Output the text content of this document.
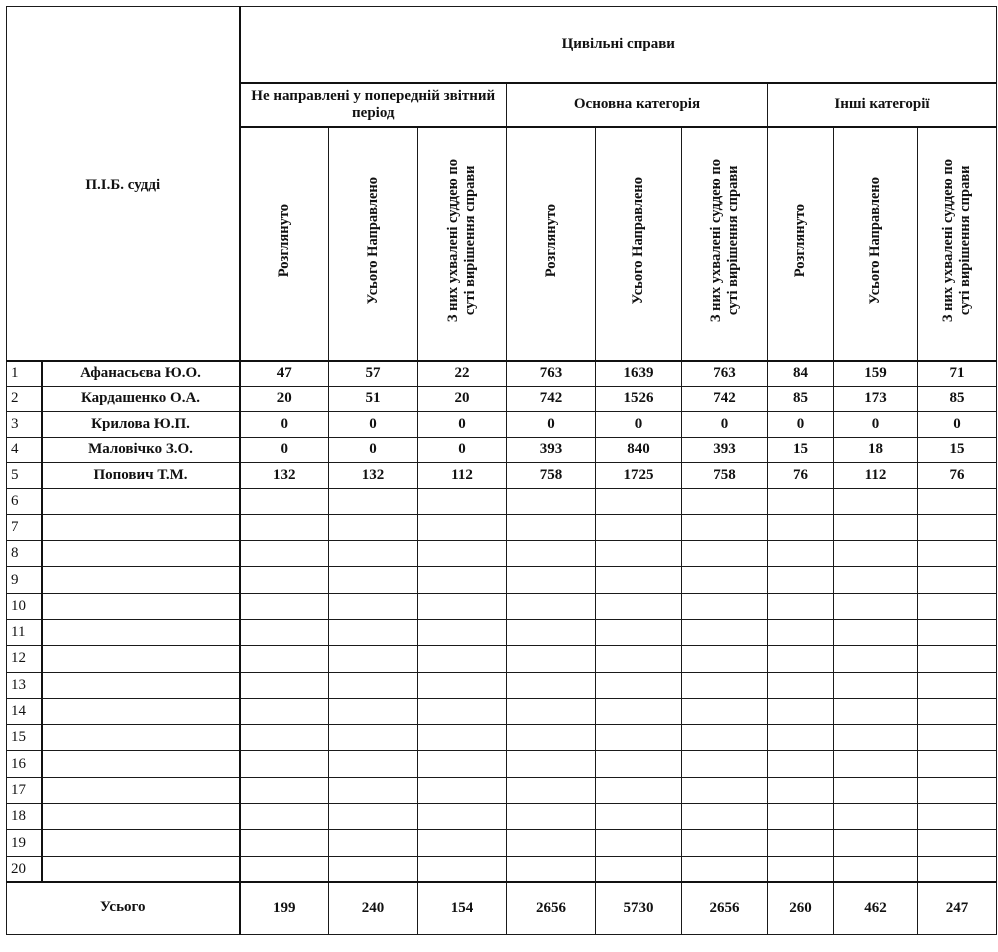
П.І.Б. судді		Цивільні справи								
		Не направлені у попередній звітний період			Основна категорія			Інші категорії		
		Розглянуто	Усього Направлено	З них ухвалені суддею по
суті вирішення справи	Розглянуто	Усього Направлено	З них ухвалені суддею по
суті вирішення справи	Розглянуто	Усього Направлено	З них ухвалені суддею по
суті вирішення справи
1	Афанасьєва Ю.О.	47	57	22	763	1639	763	84	159	71
2	Кардашенко О.А.	20	51	20	742	1526	742	85	173	85
3	Крилова Ю.П.	0	0	0	0	0	0	0	0	0
4	Маловічко З.О.	0	0	0	393	840	393	15	18	15
5	Попович Т.М.	132	132	112	758	1725	758	76	112	76
6										
7										
8										
9										
10										
11										
12										
13										
14										
15										
16										
17										
18										
19										
20										
Усього		199	240	154	2656	5730	2656	260	462	247
